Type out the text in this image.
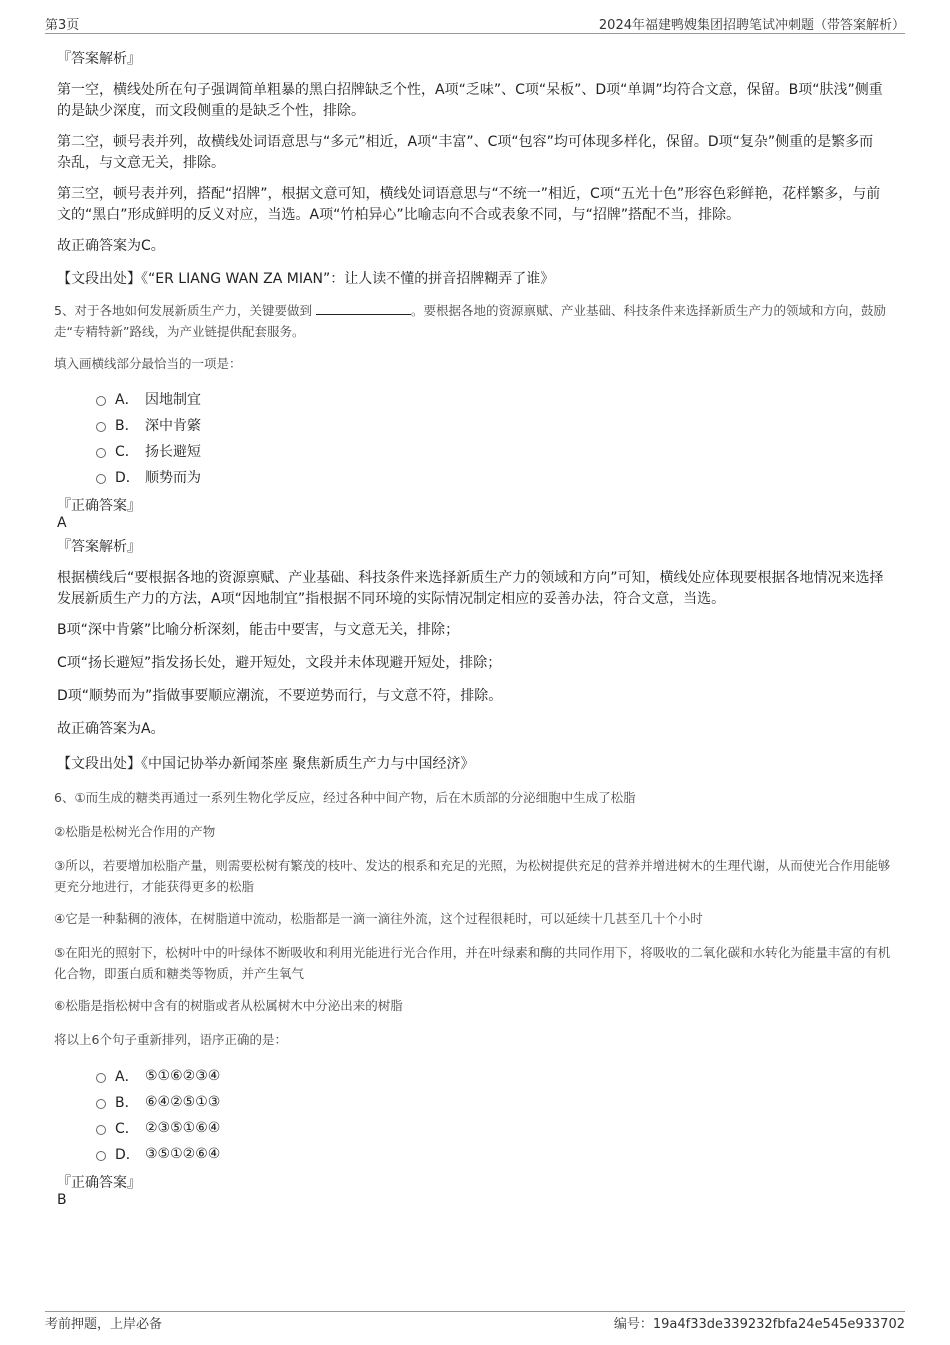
第3页	2024年福建鸭嫂集团招聘笔试冲刺题（带答案解析）
『答案解析』

第一空，横线处所在句子强调简单粗暴的黑白招牌缺乏个性，A项“乏味”、C项“呆板”、D项“单调”均符合文意，保留。B项“肤浅”侧重的是缺少深度，而文段侧重的是缺乏个性，排除。

第二空，顿号表并列，故横线处词语意思与“多元”相近，A项“丰富”、C项“包容”均可体现多样化，保留。D项“复杂”侧重的是繁多而杂乱，与文意无关，排除。

第三空，顿号表并列，搭配“招牌”，根据文意可知，横线处词语意思与“不统一”相近，C项“五光十色”形容色彩鲜艳，花样繁多，与前文的“黑白”形成鲜明的反义对应，当选。A项“竹柏异心”比喻志向不合或表象不同，与“招牌”搭配不当，排除。

故正确答案为C。

【文段出处】《“ER LIANG WAN ZA MIAN”：让人读不懂的拼音招牌糊弄了谁》

5、对于各地如何发展新质生产力，关键要做到	。要根据各地的资源禀赋、产业基础、科技条件来选择新质生产力的领域和方向，鼓励走“专精特新”路线，为产业链提供配套服务。

填入画横线部分最恰当的一项是：

A． 因地制宜
B． 深中肯綮
C． 扬长避短
D． 顺势而为
『正确答案』
A
『答案解析』

根据横线后“要根据各地的资源禀赋、产业基础、科技条件来选择新质生产力的领域和方向”可知，横线处应体现要根据各地情况来选择发展新质生产力的方法，A项“因地制宜”指根据不同环境的实际情况制定相应的妥善办法，符合文意，当选。

B项“深中肯綮”比喻分析深刻，能击中要害，与文意无关，排除；

C项“扬长避短”指发扬长处，避开短处，文段并未体现避开短处，排除；

D项“顺势而为”指做事要顺应潮流，不要逆势而行，与文意不符，排除。

故正确答案为A。

【文段出处】《中国记协举办新闻茶座 聚焦新质生产力与中国经济》

6、①而生成的糖类再通过一系列生物化学反应，经过各种中间产物，后在木质部的分泌细胞中生成了松脂

②松脂是松树光合作用的产物

③所以，若要增加松脂产量，则需要松树有繁茂的枝叶、发达的根系和充足的光照，为松树提供充足的营养并增进树木的生理代谢，从而使光合作用能够更充分地进行，才能获得更多的松脂

④它是一种黏稠的液体，在树脂道中流动，松脂都是一滴一滴往外流，这个过程很耗时，可以延续十几甚至几十个小时

⑤在阳光的照射下，松树叶中的叶绿体不断吸收和利用光能进行光合作用，并在叶绿素和酶的共同作用下，将吸收的二氧化碳和水转化为能量丰富的有机化合物，即蛋白质和糖类等物质，并产生氧气

⑥松脂是指松树中含有的树脂或者从松属树木中分泌出来的树脂

将以上6个句子重新排列，语序正确的是：

A． ⑤①⑥②③④
B． ⑥④②⑤①③
C． ②③⑤①⑥④
D． ③⑤①②⑥④
『正确答案』
B
考前押题，上岸必备	编号：19a4f33de339232fbfa24e545e933702
